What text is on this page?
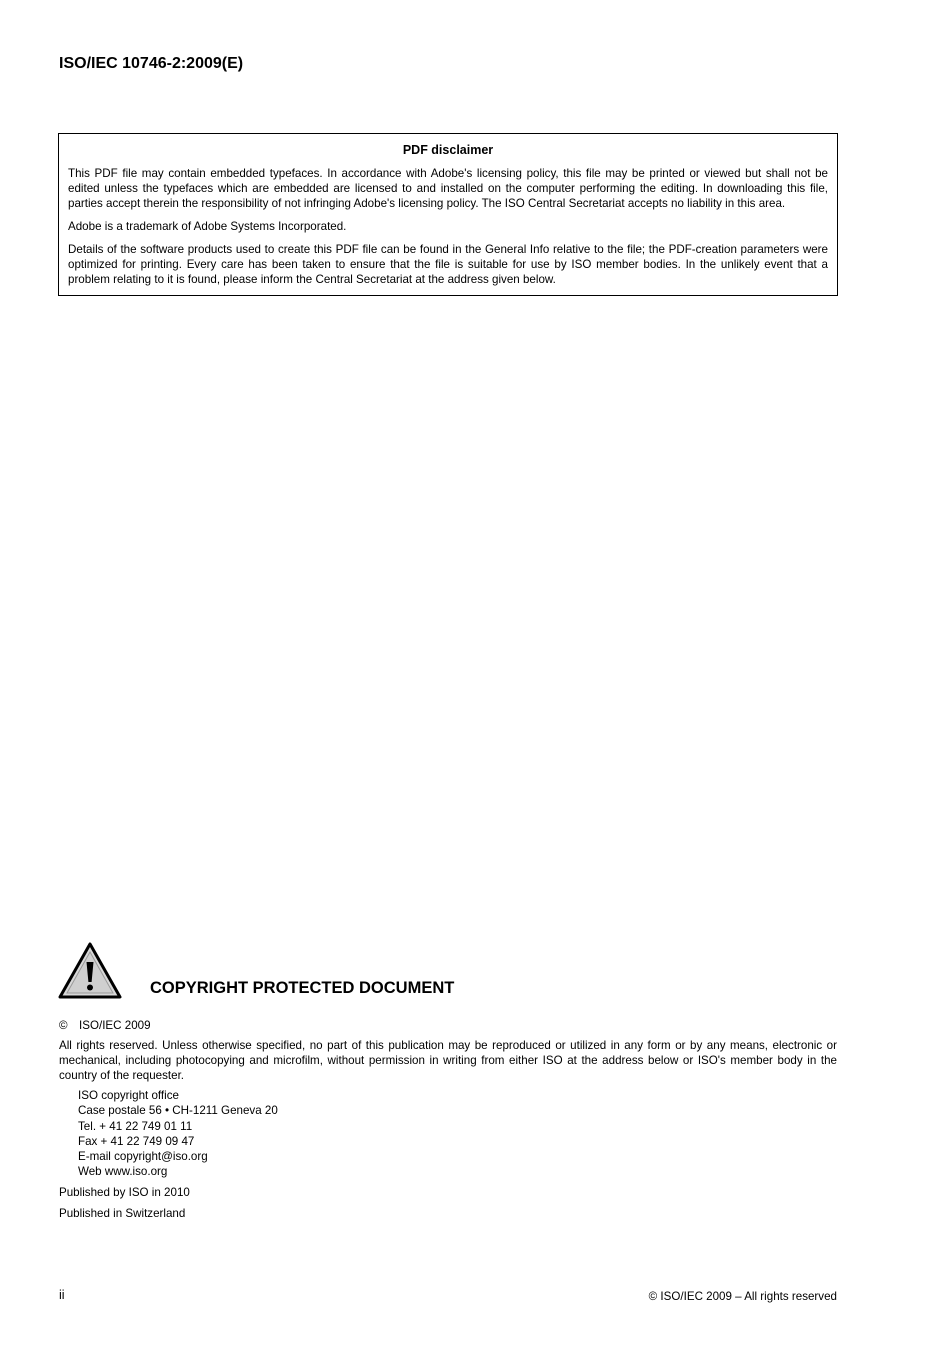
ISO/IEC 10746-2:2009(E)
PDF disclaimer

This PDF file may contain embedded typefaces. In accordance with Adobe's licensing policy, this file may be printed or viewed but shall not be edited unless the typefaces which are embedded are licensed to and installed on the computer performing the editing. In downloading this file, parties accept therein the responsibility of not infringing Adobe's licensing policy. The ISO Central Secretariat accepts no liability in this area.

Adobe is a trademark of Adobe Systems Incorporated.

Details of the software products used to create this PDF file can be found in the General Info relative to the file; the PDF-creation parameters were optimized for printing. Every care has been taken to ensure that the file is suitable for use by ISO member bodies. In the unlikely event that a problem relating to it is found, please inform the Central Secretariat at the address given below.

COPYRIGHT PROTECTED DOCUMENT
© ISO/IEC 2009
All rights reserved. Unless otherwise specified, no part of this publication may be reproduced or utilized in any form or by any means, electronic or mechanical, including photocopying and microfilm, without permission in writing from either ISO at the address below or ISO's member body in the country of the requester.
ISO copyright office
Case postale 56 • CH-1211 Geneva 20
Tel. + 41 22 749 01 11
Fax + 41 22 749 09 47
E-mail copyright@iso.org
Web www.iso.org
Published by ISO in 2010
Published in Switzerland
ii	© ISO/IEC 2009 – All rights reserved
